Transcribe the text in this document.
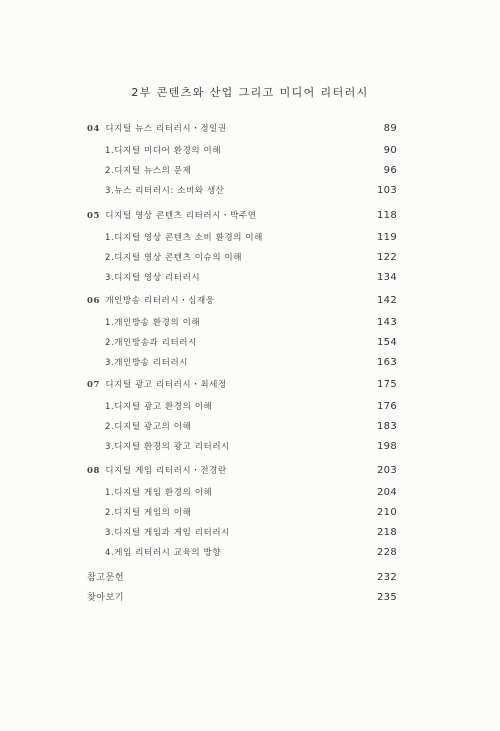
2부 콘텐츠와 산업 그리고 미디어 리터러시
04 디지털 뉴스 리터러시・정일권	89
1.디지털 미디어 환경의 이해	90
2.디지털 뉴스의 문제	96
3.뉴스 리터러시: 소비와 생산	103
05 디지털 영상 콘텐츠 리터러시・박주연	118
1.디지털 영상 콘텐츠 소비 환경의 이해	119
2.디지털 영상 콘텐츠 이슈의 이해	122
3.디지털 영상 리터러시	134
06 개인방송 리터러시・심재웅	142
1.개인방송 환경의 이해	143
2.개인방송과 리터러시	154
3.개인방송 리터러시	163
07 디지털 광고 리터러시・최세정	175
1.디지털 광고 환경의 이해	176
2.디지털 광고의 이해	183
3.디지털 환경의 광고 리터러시	198
08 디지털 게임 리터러시・전경란	203
1.디지털 게임 환경의 이해	204
2.디지털 게임의 이해	210
3.디지털 게임과 게임 리터러시	218
4.게임 리터러시 교육의 방향	228
참고문헌	232
찾아보기	235
